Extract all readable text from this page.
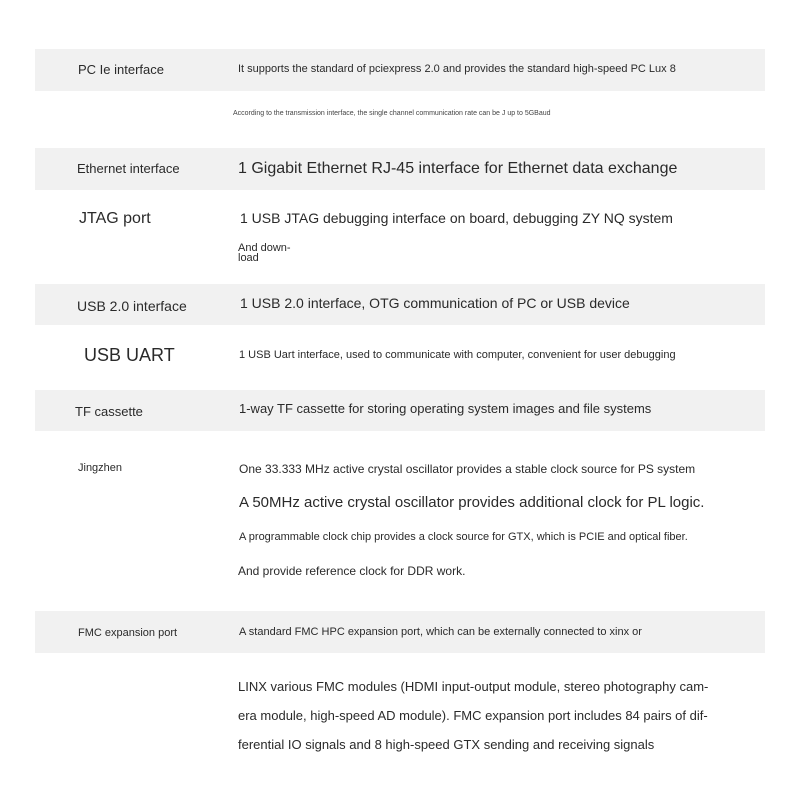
PC Ie interface	It supports the standard of pciexpress 2.0 and provides the standard high-speed PC Lux 8
According to the transmission interface, the single channel communication rate can be J up to 5GBaud
Ethernet interface	1 Gigabit Ethernet RJ-45 interface for Ethernet data exchange
JTAG port	1 USB JTAG debugging interface on board, debugging ZY NQ system
And down-
load
USB 2.0 interface	1 USB 2.0 interface, OTG communication of PC or USB device
USB UART	1 USB Uart interface, used to communicate with computer, convenient for user debugging
TF cassette	1-way TF cassette for storing operating system images and file systems
Jingzhen	One 33.333 MHz active crystal oscillator provides a stable clock source for PS system
A 50MHz active crystal oscillator provides additional clock for PL logic.
A programmable clock chip provides a clock source for GTX, which is PCIE and optical fiber.
And provide reference clock for DDR work.
FMC expansion port	A standard FMC HPC expansion port, which can be externally connected to xinx or
LINX various FMC modules (HDMI input-output module, stereo photography cam-
era module, high-speed AD module). FMC expansion port includes 84 pairs of dif-
ferential IO signals and 8 high-speed GTX sending and receiving signals
